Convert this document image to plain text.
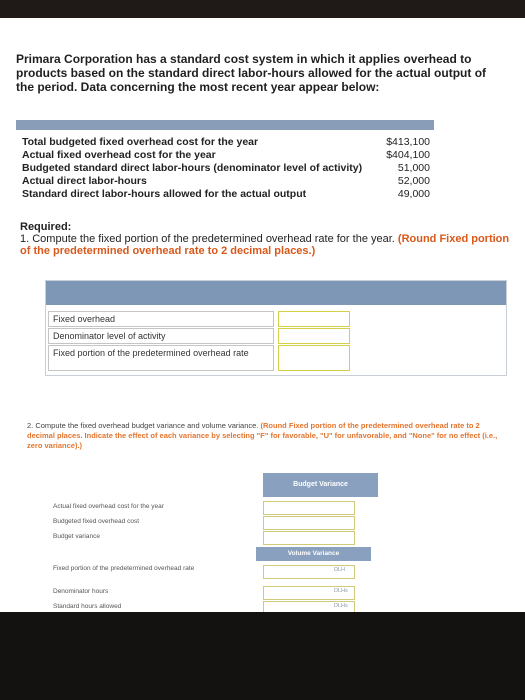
Primara Corporation has a standard cost system in which it applies overhead to products based on the standard direct labor-hours allowed for the actual output of the period. Data concerning the most recent year appear below:
Total budgeted fixed overhead cost for the year	$413,100
Actual fixed overhead cost for the year	$404,100
Budgeted standard direct labor-hours (denominator level of activity)	51,000
Actual direct labor-hours	52,000
Standard direct labor-hours allowed for the actual output	49,000
Required:
1. Compute the fixed portion of the predetermined overhead rate for the year. (Round Fixed portion of the predetermined overhead rate to 2 decimal places.)
Fixed overhead
Denominator level of activity
Fixed portion of the predetermined overhead rate
2. Compute the fixed overhead budget variance and volume variance. (Round Fixed portion of the predetermined overhead rate to 2 decimal places. Indicate the effect of each variance by selecting "F" for favorable, "U" for unfavorable, and "None" for no effect (i.e., zero variance).)
Budget Variance
Actual fixed overhead cost for the year
Budgeted fixed overhead cost
Budget variance
Volume Variance
Fixed portion of the predetermined overhead rate	DLH
Denominator hours	DLHs
Standard hours allowed	DLHs
